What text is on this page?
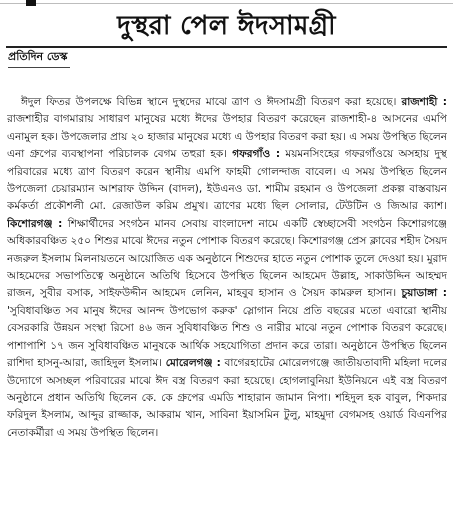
দুস্থরা পেল ঈদসামগ্রী
প্রতিদিন ডেস্ক

ঈদুল ফিতর উপলক্ষে বিভিন্ন স্থানে দুস্থদের মাঝে ত্রাণ ও ঈদসামগ্রী বিতরণ করা হয়েছে। রাজশাহী : রাজশাহীর বাগমারায় সাধারণ মানুষের মধ্যে ঈদের উপহার বিতরণ করেছেন রাজশাহী-৪ আসনের এমপি এনামুল হক। উপজেলার প্রায় ২০ হাজার মানুষের মধ্যে এ উপহার বিতরণ করা হয়। এ সময় উপস্থিত ছিলেন এনা গ্রুপের ব্যবস্থাপনা পরিচালক বেগম তহুরা হক। গফরগাঁও : ময়মনসিংহের গফরগাঁওয়ে অসহায় দুস্থ পরিবারের মধ্যে ত্রাণ বিতরণ করেন স্থানীয় এমপি ফাহমী গোলন্দাজ বাবেল। এ সময় উপস্থিত ছিলেন উপজেলা চেয়ারম্যান আশরাফ উদ্দিন (বাদল), ইউএনও ডা. শামীম রহমান ও উপজেলা প্রকল্প বাস্তবায়ন কর্মকর্তা প্রকৌশলী মো. রেজাউল করিম প্রমুখ। ত্রাণের মধ্যে ছিল সোলার, টেউটিন ও জিআর ক্যাশ। কিশোরগঞ্জ : শিক্ষার্থীদের সংগঠন মানব সেবায় বাংলাদেশ নামে একটি স্বেচ্ছাসেবী সংগঠন কিশোরগঞ্জে অধিকারবঞ্চিত ২৫০ শিশুর মাঝে ঈদের নতুন পোশাক বিতরণ করেছে। কিশোরগঞ্জ প্রেস ক্লাবের শহীদ সৈয়দ নজরুল ইসলাম মিলনায়তনে আয়োজিত এক অনুষ্ঠানে শিশুদের হাতে নতুন পোশাক তুলে দেওয়া হয়। মুরাদ আহমেদের সভাপতিত্বে অনুষ্ঠানে অতিথি হিসেবে উপস্থিত ছিলেন আহমেদ উল্লাহ, সাকাউদ্দিন আহম্মদ রাজন, সুবীর বসাক, সাইফউদ্দীন আহমেদ লেনিন, মাহবুব হাসান ও সৈয়দ কামরুল হাসান। চুয়াডাঙ্গা : 'সুবিধাবঞ্চিত সব মানুষ ঈদের আনন্দ উপভোগ করুক' স্লোগান নিয়ে প্রতি বছরের মতো এবারো স্থানীয় বেসরকারি উন্নয়ন সংস্থা রিসো ৪৬ জন সুবিধাবঞ্চিত শিশু ও নারীর মাঝে নতুন পোশাক বিতরণ করেছে। পাশাপাশি ১৭ জন সুবিধাবঞ্চিত মানুষকে আর্থিক সহযোগিতা প্রদান করে তারা। অনুষ্ঠানে উপস্থিত ছিলেন রাশিদা হাসনু-আরা, জাহিদুল ইসলাম। মোরেলগঞ্জ : বাগেরহাটের মোরেলগঞ্জে জাতীয়তাবাদী মহিলা দলের উদ্যোগে অসচ্ছল পরিবারের মাঝে ঈদ বস্ত্র বিতরণ করা হয়েছে। হোগলাবুনিয়া ইউনিয়নে এই বস্ত্র বিতরণ অনুষ্ঠানে প্রধান অতিথি ছিলেন কে. কে গ্রুপের এমডি শাহারান জামান নিপা। শহিদুল হক বাবুল, শিকদার ফরিদুল ইসলাম, আব্দুর রাজ্জাক, আকরাম খান, সাবিনা ইয়াসমিন টুলু, মাহমুদা বেগমসহ ওয়ার্ড বিএনপির নেতাকর্মীরা এ সময় উপস্থিত ছিলেন।
